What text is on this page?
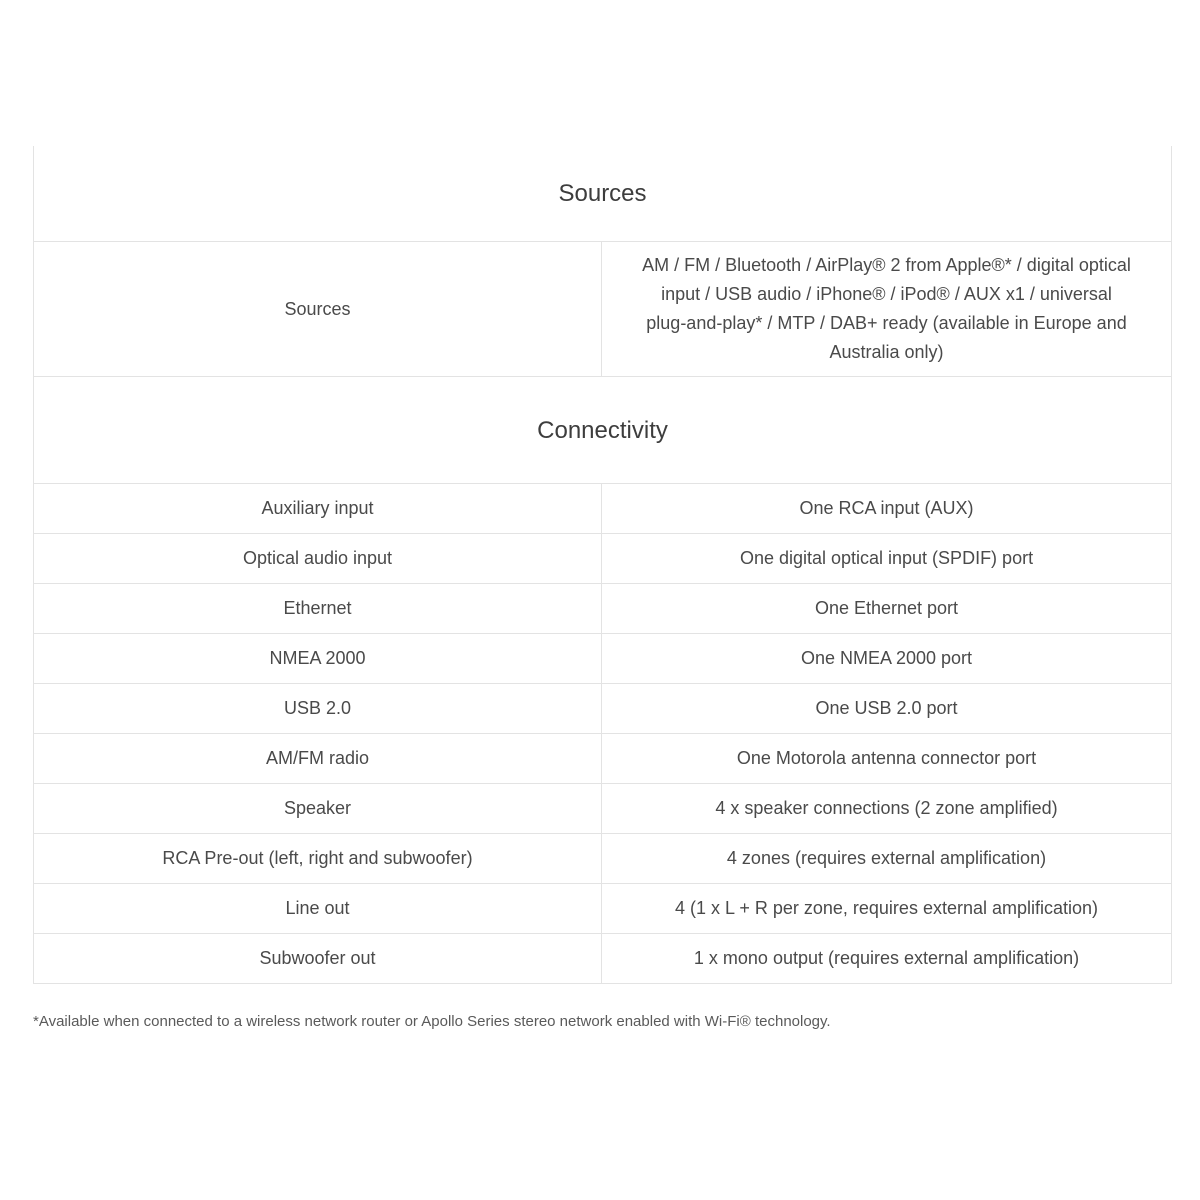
Sources	
Sources	AM / FM / Bluetooth / AirPlay® 2 from Apple®* / digital optical input / USB audio / iPhone® / iPod® / AUX x1 / universal plug-and-play* / MTP / DAB+ ready (available in Europe and Australia only)
Connectivity	
Auxiliary input	One RCA input (AUX)
Optical audio input	One digital optical input (SPDIF) port
Ethernet	One Ethernet port
NMEA 2000	One NMEA 2000 port
USB 2.0	One USB 2.0 port
AM/FM radio	One Motorola antenna connector port
Speaker	4 x speaker connections (2 zone amplified)
RCA Pre-out (left, right and subwoofer)	4 zones (requires external amplification)
Line out	4 (1 x L + R per zone, requires external amplification)
Subwoofer out	1 x mono output (requires external amplification)
*Available when connected to a wireless network router or Apollo Series stereo network enabled with Wi-Fi® technology.
